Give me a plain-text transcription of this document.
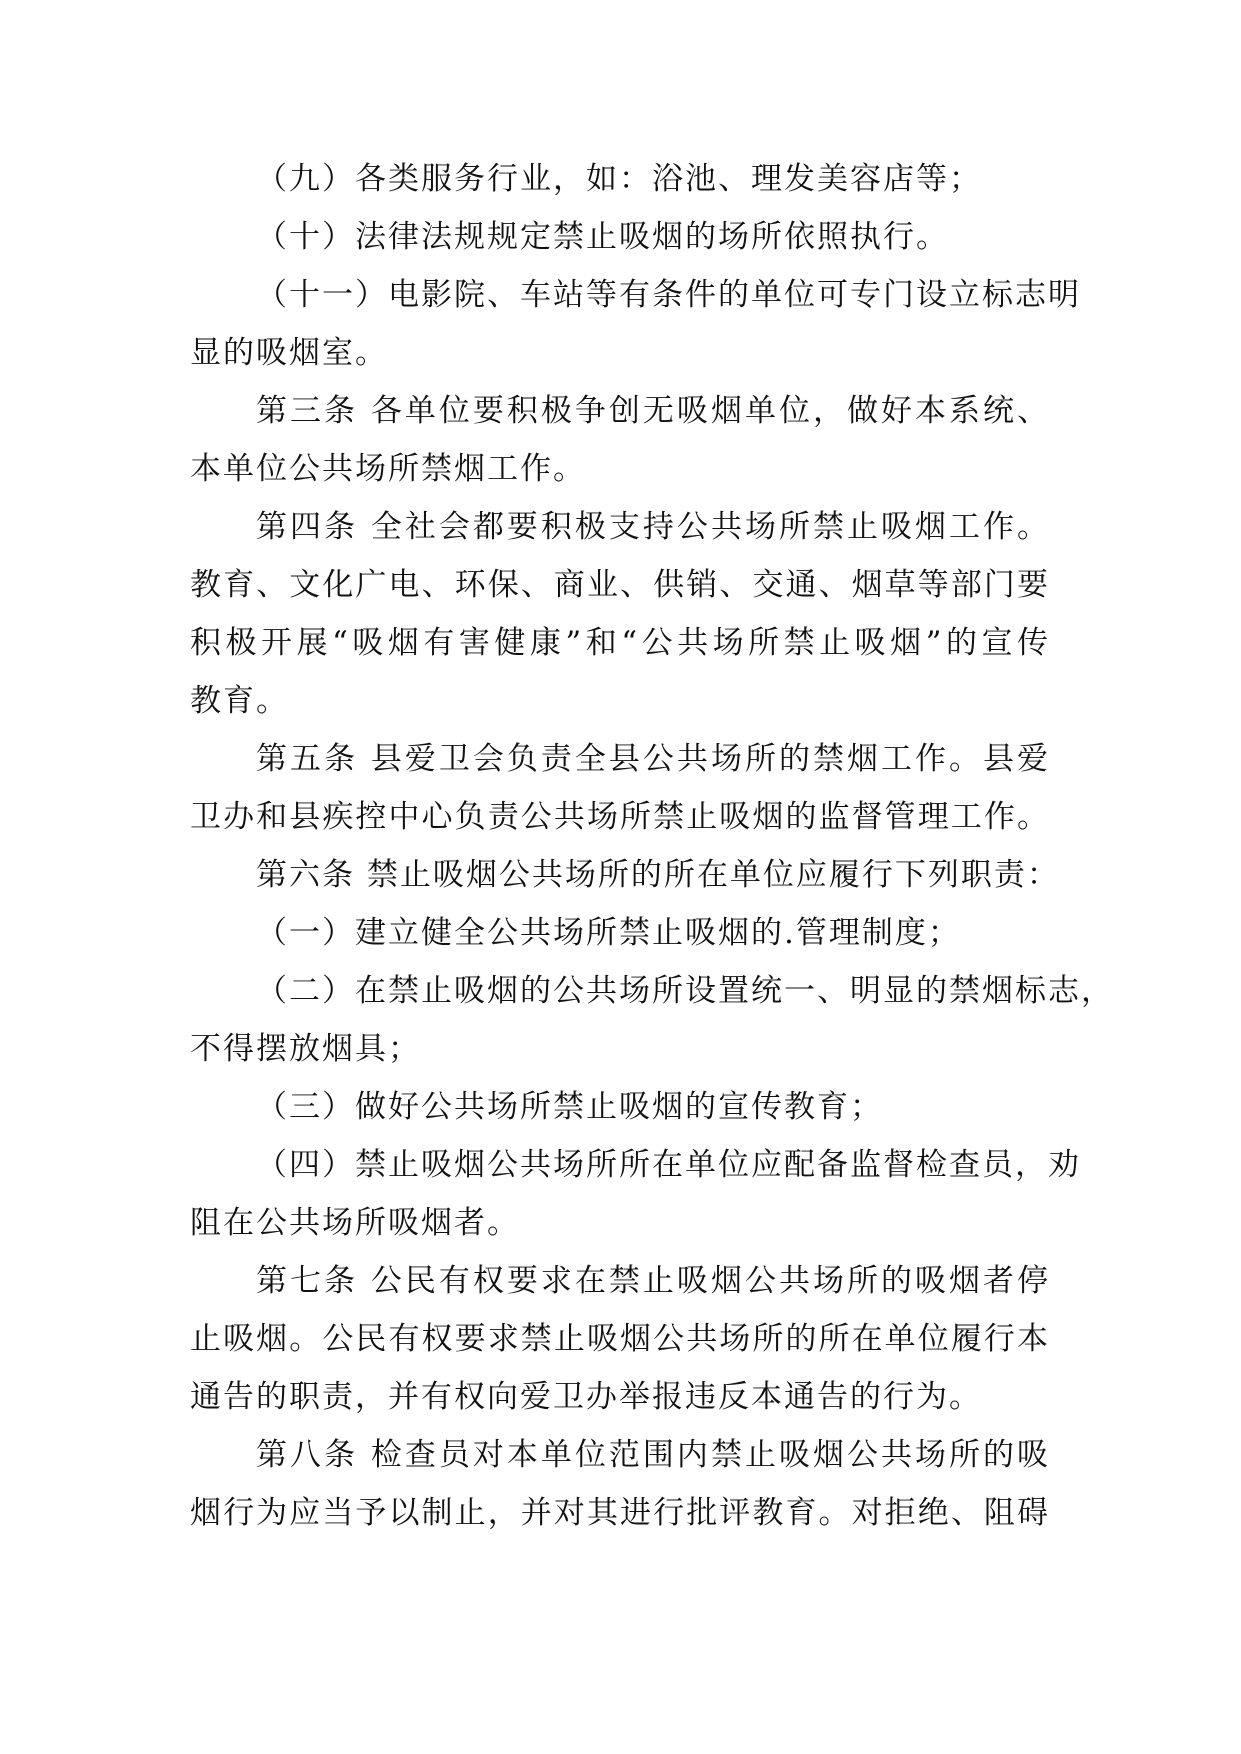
（九）各类服务行业，如：浴池、理发美容店等；
（十）法律法规规定禁止吸烟的场所依照执行。
（十一）电影院、车站等有条件的单位可专门设立标志明
显的吸烟室。
第三条 各单位要积极争创无吸烟单位，做好本系统、
本单位公共场所禁烟工作。
第四条 全社会都要积极支持公共场所禁止吸烟工作。
教育、文化广电、环保、商业、供销、交通、烟草等部门要
积极开展“吸烟有害健康”和“公共场所禁止吸烟”的宣传
教育。
第五条 县爱卫会负责全县公共场所的禁烟工作。县爱
卫办和县疾控中心负责公共场所禁止吸烟的监督管理工作。
第六条 禁止吸烟公共场所的所在单位应履行下列职责：
（一）建立健全公共场所禁止吸烟的.管理制度；
（二）在禁止吸烟的公共场所设置统一、明显的禁烟标志，
不得摆放烟具；
（三）做好公共场所禁止吸烟的宣传教育；
（四）禁止吸烟公共场所所在单位应配备监督检查员，劝
阻在公共场所吸烟者。
第七条 公民有权要求在禁止吸烟公共场所的吸烟者停
止吸烟。公民有权要求禁止吸烟公共场所的所在单位履行本
通告的职责，并有权向爱卫办举报违反本通告的行为。
第八条 检查员对本单位范围内禁止吸烟公共场所的吸
烟行为应当予以制止，并对其进行批评教育。对拒绝、阻碍
